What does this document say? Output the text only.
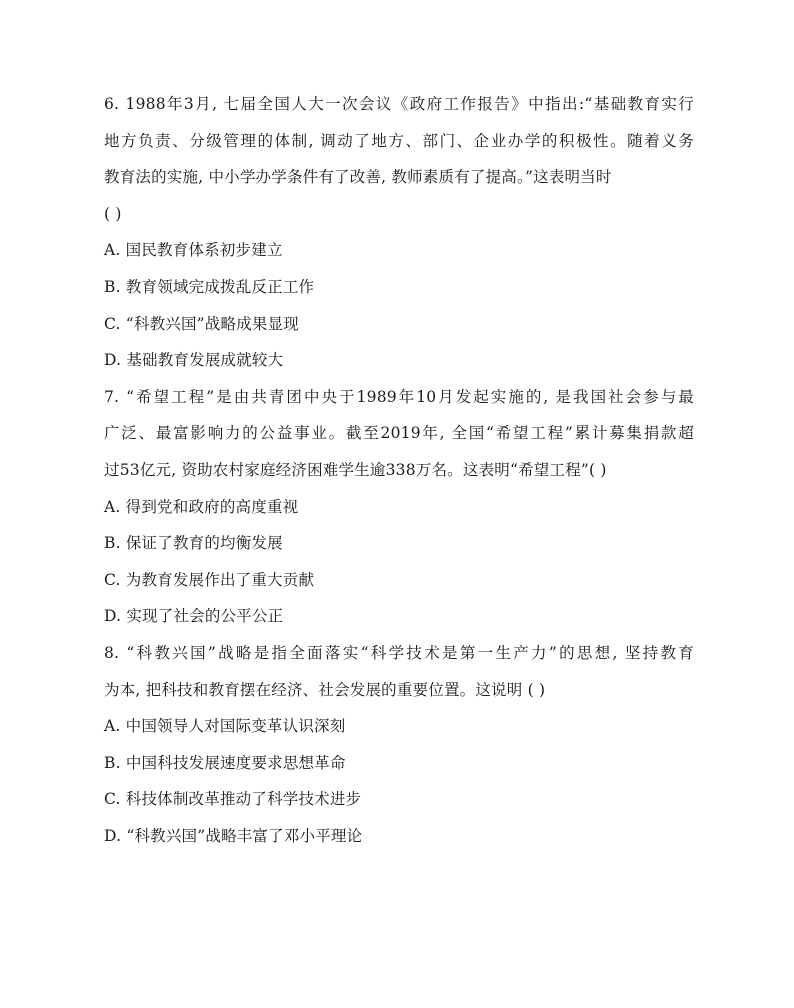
6. 1988年3月, 七届全国人大一次会议《政府工作报告》中指出:“基础教育实行
地方负责、分级管理的体制, 调动了地方、部门、企业办学的积极性。随着义务
教育法的实施, 中小学办学条件有了改善, 教师素质有了提高。”这表明当时
( )
A. 国民教育体系初步建立
B. 教育领域完成拨乱反正工作
C. “科教兴国”战略成果显现
D. 基础教育发展成就较大
7. “希望工程”是由共青团中央于1989年10月发起实施的, 是我国社会参与最
广泛、最富影响力的公益事业。截至2019年, 全国“希望工程”累计募集捐款超
过53亿元, 资助农村家庭经济困难学生逾338万名。这表明“希望工程”( )
A. 得到党和政府的高度重视
B. 保证了教育的均衡发展
C. 为教育发展作出了重大贡献
D. 实现了社会的公平公正
8. “科教兴国”战略是指全面落实“科学技术是第一生产力”的思想, 坚持教育
为本, 把科技和教育摆在经济、社会发展的重要位置。这说明 ( )
A. 中国领导人对国际变革认识深刻
B. 中国科技发展速度要求思想革命
C. 科技体制改革推动了科学技术进步
D. “科教兴国”战略丰富了邓小平理论
